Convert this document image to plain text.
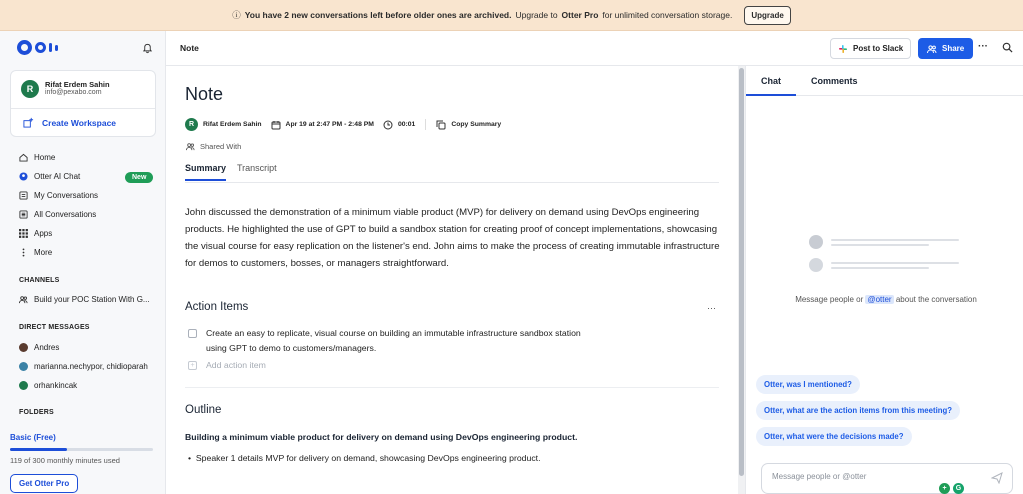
ⓘ You have 2 new conversations left before older ones are archived. Upgrade to Otter Pro for unlimited conversation storage.	Upgrade
R	Rifat Erdem Sahin
info@pexabo.com
Create Workspace
Home
Otter AI Chat	New
My Conversations
All Conversations
Apps
More
CHANNELS
Build your POC Station With G...
DIRECT MESSAGES
Andres
marianna.nechypor, chidioparah
orhankincak
FOLDERS
Basic (Free)
119 of 300 monthly minutes used
Get Otter Pro
Note	Post to Slack	Share ···
Note
R	Rifat Erdem Sahin	Apr 19 at 2:47 PM - 2:48 PM	00:01	Copy Summary
Shared With
Summary Transcript
John discussed the demonstration of a minimum viable product (MVP) for delivery on demand using DevOps engineering products. He highlighted the use of GPT to build a sandbox station for creating proof of concept implementations, showcasing the visual course for easy replication on the listener's end. John aims to make the process of creating immutable infrastructure for demos to customers, bosses, or managers straightforward.
Action Items	···
Create an easy to replicate, visual course on building an immutable infrastructure sandbox station
using GPT to demo to customers/managers.
+ Add action item
Outline
Building a minimum viable product for delivery on demand using DevOps engineering product.
•  Speaker 1 details MVP for delivery on demand, showcasing DevOps engineering product.
Chat	Comments
Message people or @otter about the conversation
Otter, was I mentioned?
Otter, what are the action items from this meeting?
Otter, what were the decisions made?
Message people or @otter
+	G
